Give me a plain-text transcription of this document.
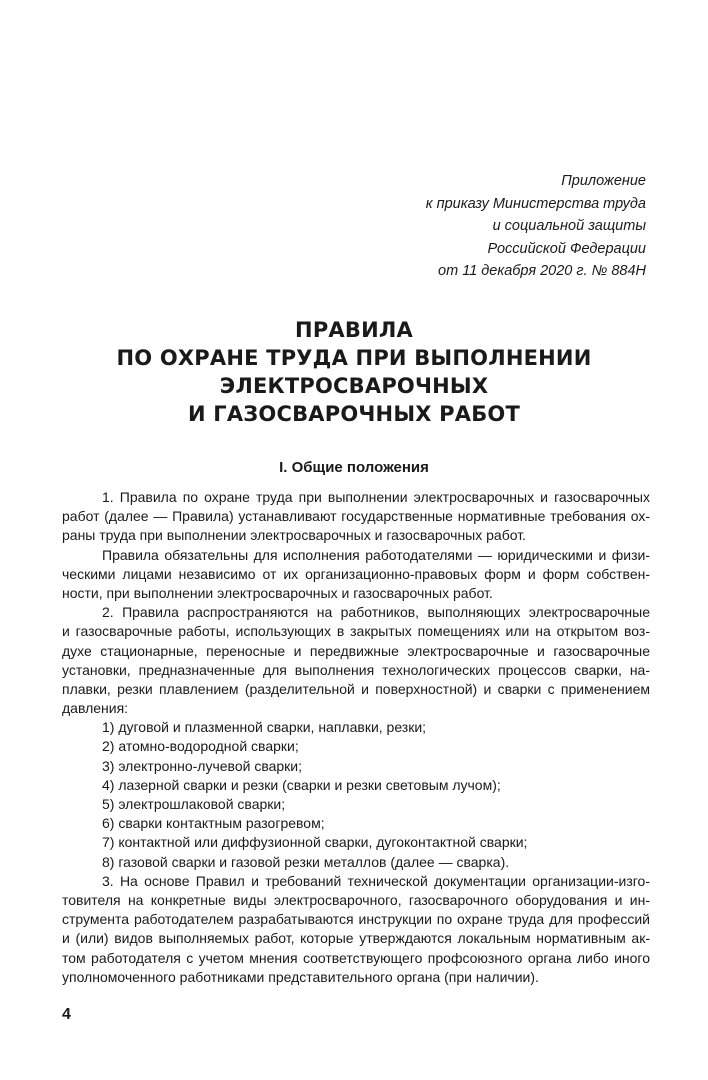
Приложение
к приказу Министерства труда
и социальной защиты
Российской Федерации
от 11 декабря 2020 г. № 884Н
ПРАВИЛА
ПО ОХРАНЕ ТРУДА ПРИ ВЫПОЛНЕНИИ
ЭЛЕКТРОСВАРОЧНЫХ
И ГАЗОСВАРОЧНЫХ РАБОТ
I. Общие положения
1. Правила по охране труда при выполнении электросварочных и газосварочных
работ (далее — Правила) устанавливают государственные нормативные требования ох-
раны труда при выполнении электросварочных и газосварочных работ.
Правила обязательны для исполнения работодателями — юридическими и физи-
ческими лицами независимо от их организационно-правовых форм и форм собствен-
ности, при выполнении электросварочных и газосварочных работ.
2. Правила распространяются на работников, выполняющих электросварочные
и газосварочные работы, использующих в закрытых помещениях или на открытом воз-
духе стационарные, переносные и передвижные электросварочные и газосварочные
установки, предназначенные для выполнения технологических процессов сварки, на-
плавки, резки плавлением (разделительной и поверхностной) и сварки с применением
давления:
1) дуговой и плазменной сварки, наплавки, резки;
2) атомно-водородной сварки;
3) электронно-лучевой сварки;
4) лазерной сварки и резки (сварки и резки световым лучом);
5) электрошлаковой сварки;
6) сварки контактным разогревом;
7) контактной или диффузионной сварки, дугоконтактной сварки;
8) газовой сварки и газовой резки металлов (далее — сварка).
3. На основе Правил и требований технической документации организации-изго-
товителя на конкретные виды электросварочного, газосварочного оборудования и ин-
струмента работодателем разрабатываются инструкции по охране труда для профессий
и (или) видов выполняемых работ, которые утверждаются локальным нормативным ак-
том работодателя с учетом мнения соответствующего профсоюзного органа либо иного
уполномоченного работниками представительного органа (при наличии).
4
